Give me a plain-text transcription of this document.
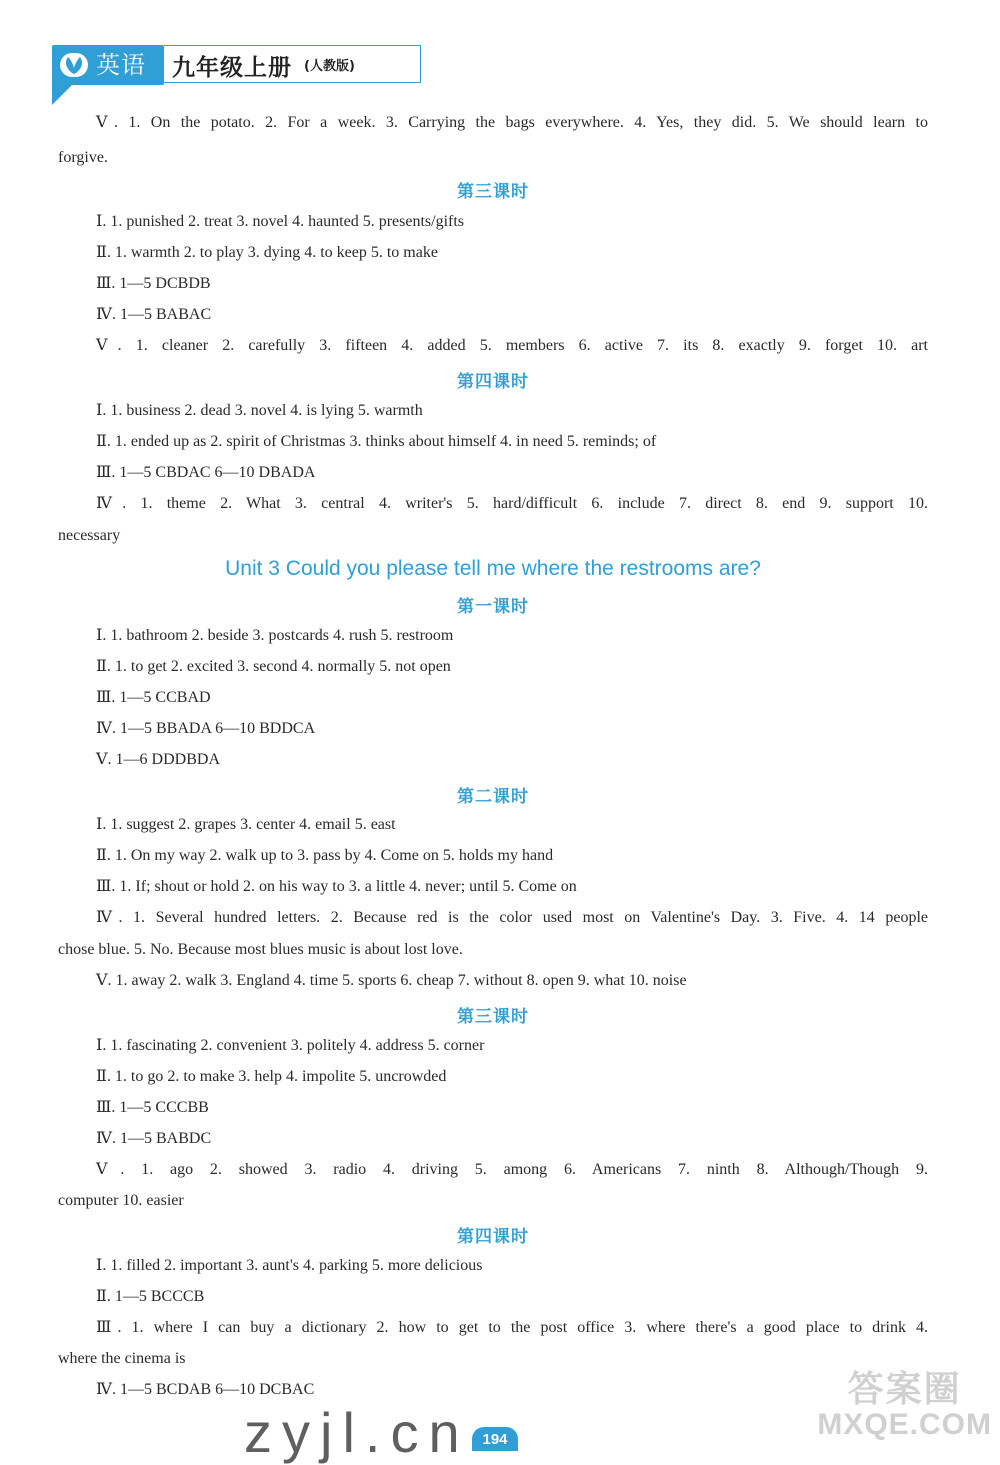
英语 九年级上册 (人教版)
Ⅴ. 1. On the potato. 2. For a week. 3. Carrying the bags everywhere. 4. Yes, they did. 5. We should learn to
forgive.
第三课时
Ⅰ. 1. punished 2. treat 3. novel 4. haunted 5. presents/gifts
Ⅱ. 1. warmth 2. to play 3. dying 4. to keep 5. to make
Ⅲ. 1—5 DCBDB
Ⅳ. 1—5 BABAC
Ⅴ. 1. cleaner 2. carefully 3. fifteen 4. added 5. members 6. active 7. its 8. exactly 9. forget 10. art
第四课时
Ⅰ. 1. business 2. dead 3. novel 4. is lying 5. warmth
Ⅱ. 1. ended up as 2. spirit of Christmas 3. thinks about himself 4. in need 5. reminds; of
Ⅲ. 1—5 CBDAC 6—10 DBADA
Ⅳ. 1. theme 2. What 3. central 4. writer's 5. hard/difficult 6. include 7. direct 8. end 9. support 10.
necessary
Unit 3 Could you please tell me where the restrooms are?
第一课时
Ⅰ. 1. bathroom 2. beside 3. postcards 4. rush 5. restroom
Ⅱ. 1. to get 2. excited 3. second 4. normally 5. not open
Ⅲ. 1—5 CCBAD
Ⅳ. 1—5 BBADA 6—10 BDDCA
Ⅴ. 1—6 DDDBDA
第二课时
Ⅰ. 1. suggest 2. grapes 3. center 4. email 5. east
Ⅱ. 1. On my way 2. walk up to 3. pass by 4. Come on 5. holds my hand
Ⅲ. 1. If; shout or hold 2. on his way to 3. a little 4. never; until 5. Come on
Ⅳ. 1. Several hundred letters. 2. Because red is the color used most on Valentine's Day. 3. Five. 4. 14 people
chose blue. 5. No. Because most blues music is about lost love.
Ⅴ. 1. away 2. walk 3. England 4. time 5. sports 6. cheap 7. without 8. open 9. what 10. noise
第三课时
Ⅰ. 1. fascinating 2. convenient 3. politely 4. address 5. corner
Ⅱ. 1. to go 2. to make 3. help 4. impolite 5. uncrowded
Ⅲ. 1—5 CCCBB
Ⅳ. 1—5 BABDC
Ⅴ. 1. ago 2. showed 3. radio 4. driving 5. among 6. Americans 7. ninth 8. Although/Though 9.
computer 10. easier
第四课时
Ⅰ. 1. filled 2. important 3. aunt's 4. parking 5. more delicious
Ⅱ. 1—5 BCCCB
Ⅲ. 1. where I can buy a dictionary 2. how to get to the post office 3. where there's a good place to drink 4.
where the cinema is
Ⅳ. 1—5 BCDAB 6—10 DCBAC
zyjl.cn 194
答案圈
MXQE.COM
